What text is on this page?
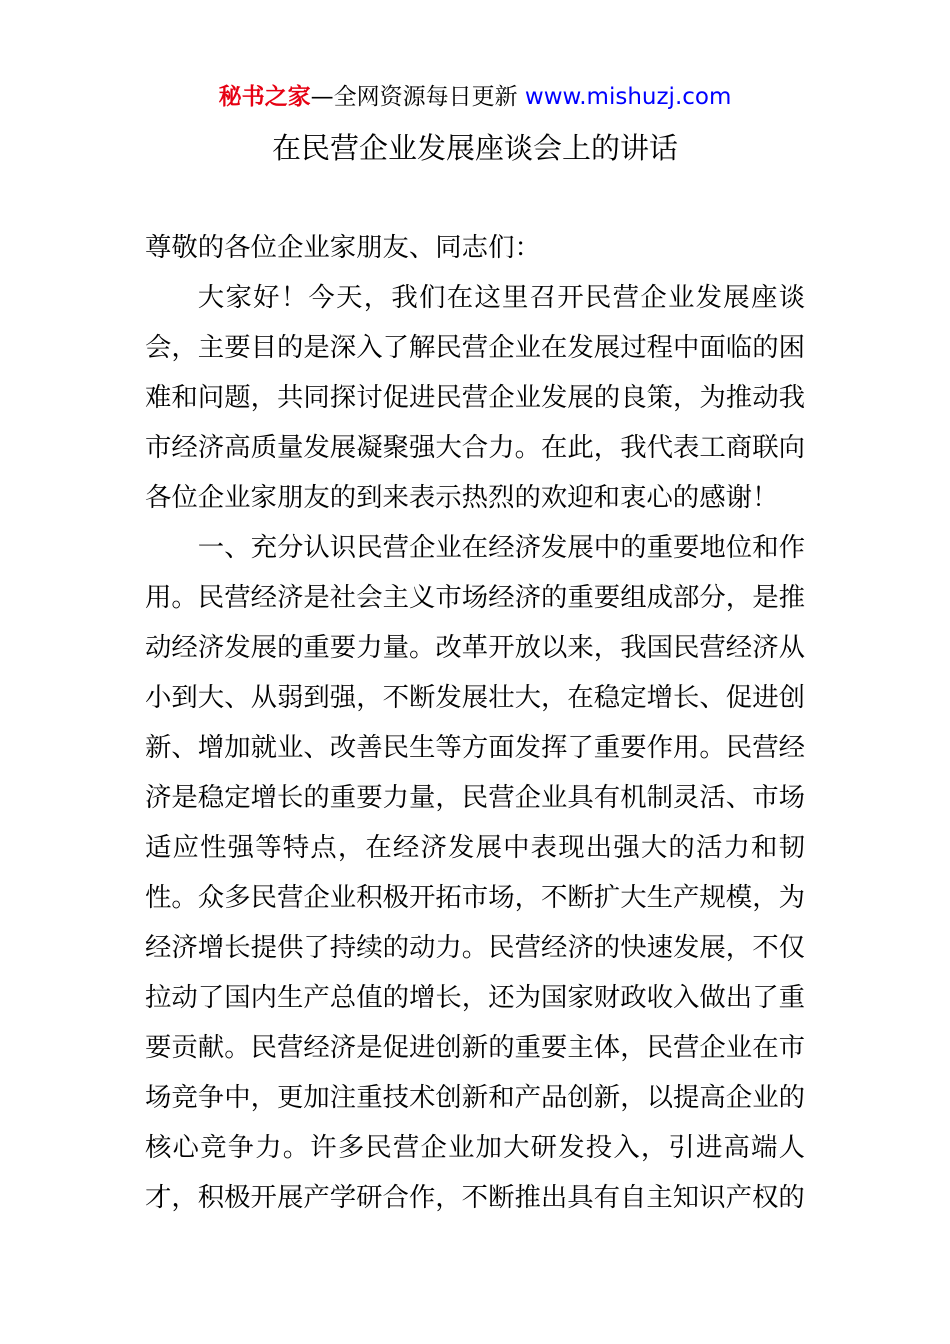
秘书之家—全网资源每日更新 www.mishuzj.com
在民营企业发展座谈会上的讲话

尊敬的各位企业家朋友、同志们：

大家好！今天，我们在这里召开民营企业发展座谈会，主要目的是深入了解民营企业在发展过程中面临的困难和问题，共同探讨促进民营企业发展的良策，为推动我市经济高质量发展凝聚强大合力。在此，我代表工商联向各位企业家朋友的到来表示热烈的欢迎和衷心的感谢！

一、充分认识民营企业在经济发展中的重要地位和作用。民营经济是社会主义市场经济的重要组成部分，是推动经济发展的重要力量。改革开放以来，我国民营经济从小到大、从弱到强，不断发展壮大，在稳定增长、促进创新、增加就业、改善民生等方面发挥了重要作用。民营经济是稳定增长的重要力量，民营企业具有机制灵活、市场适应性强等特点，在经济发展中表现出强大的活力和韧性。众多民营企业积极开拓市场，不断扩大生产规模，为经济增长提供了持续的动力。民营经济的快速发展，不仅拉动了国内生产总值的增长，还为国家财政收入做出了重要贡献。民营经济是促进创新的重要主体，民营企业在市场竞争中，更加注重技术创新和产品创新，以提高企业的核心竞争力。许多民营企业加大研发投入，引进高端人才，积极开展产学研合作，不断推出具有自主知识产权的
